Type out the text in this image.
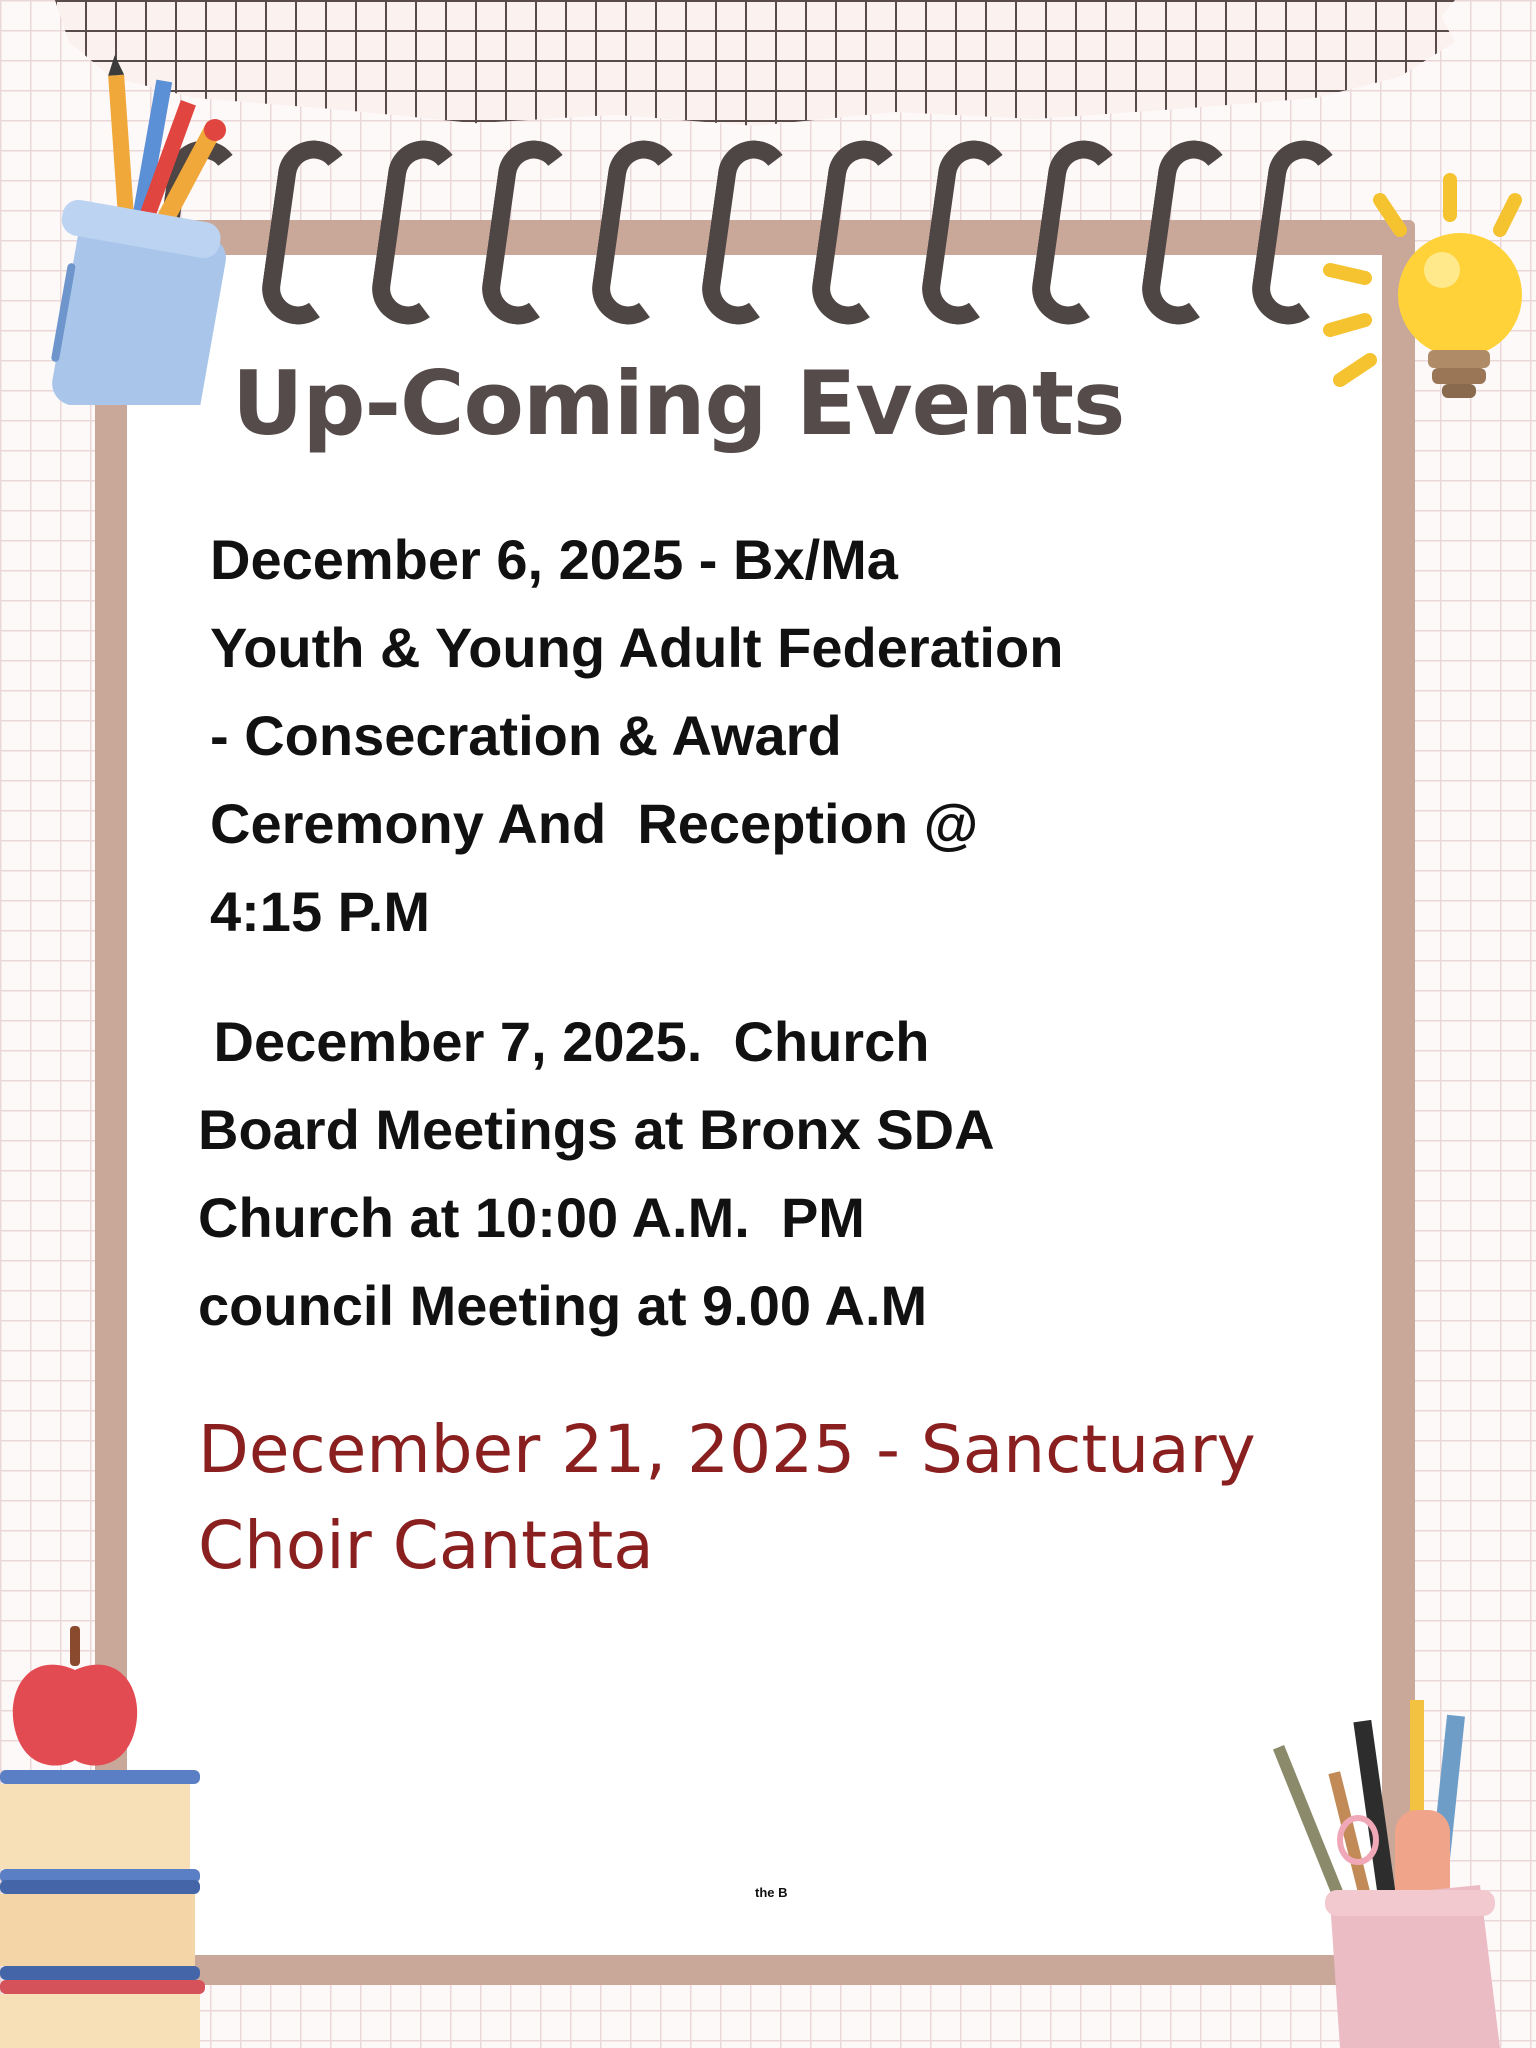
Up-Coming Events
December 6, 2025 - Bx/Ma
Youth & Young Adult Federation
- Consecration & Award
Ceremony And  Reception @
4:15 P.M
December 7, 2025.  Church
Board Meetings at Bronx SDA
Church at 10:00 A.M.  PM
council Meeting at 9.00 A.M
December 21, 2025 - Sanctuary
Choir Cantata
the B
